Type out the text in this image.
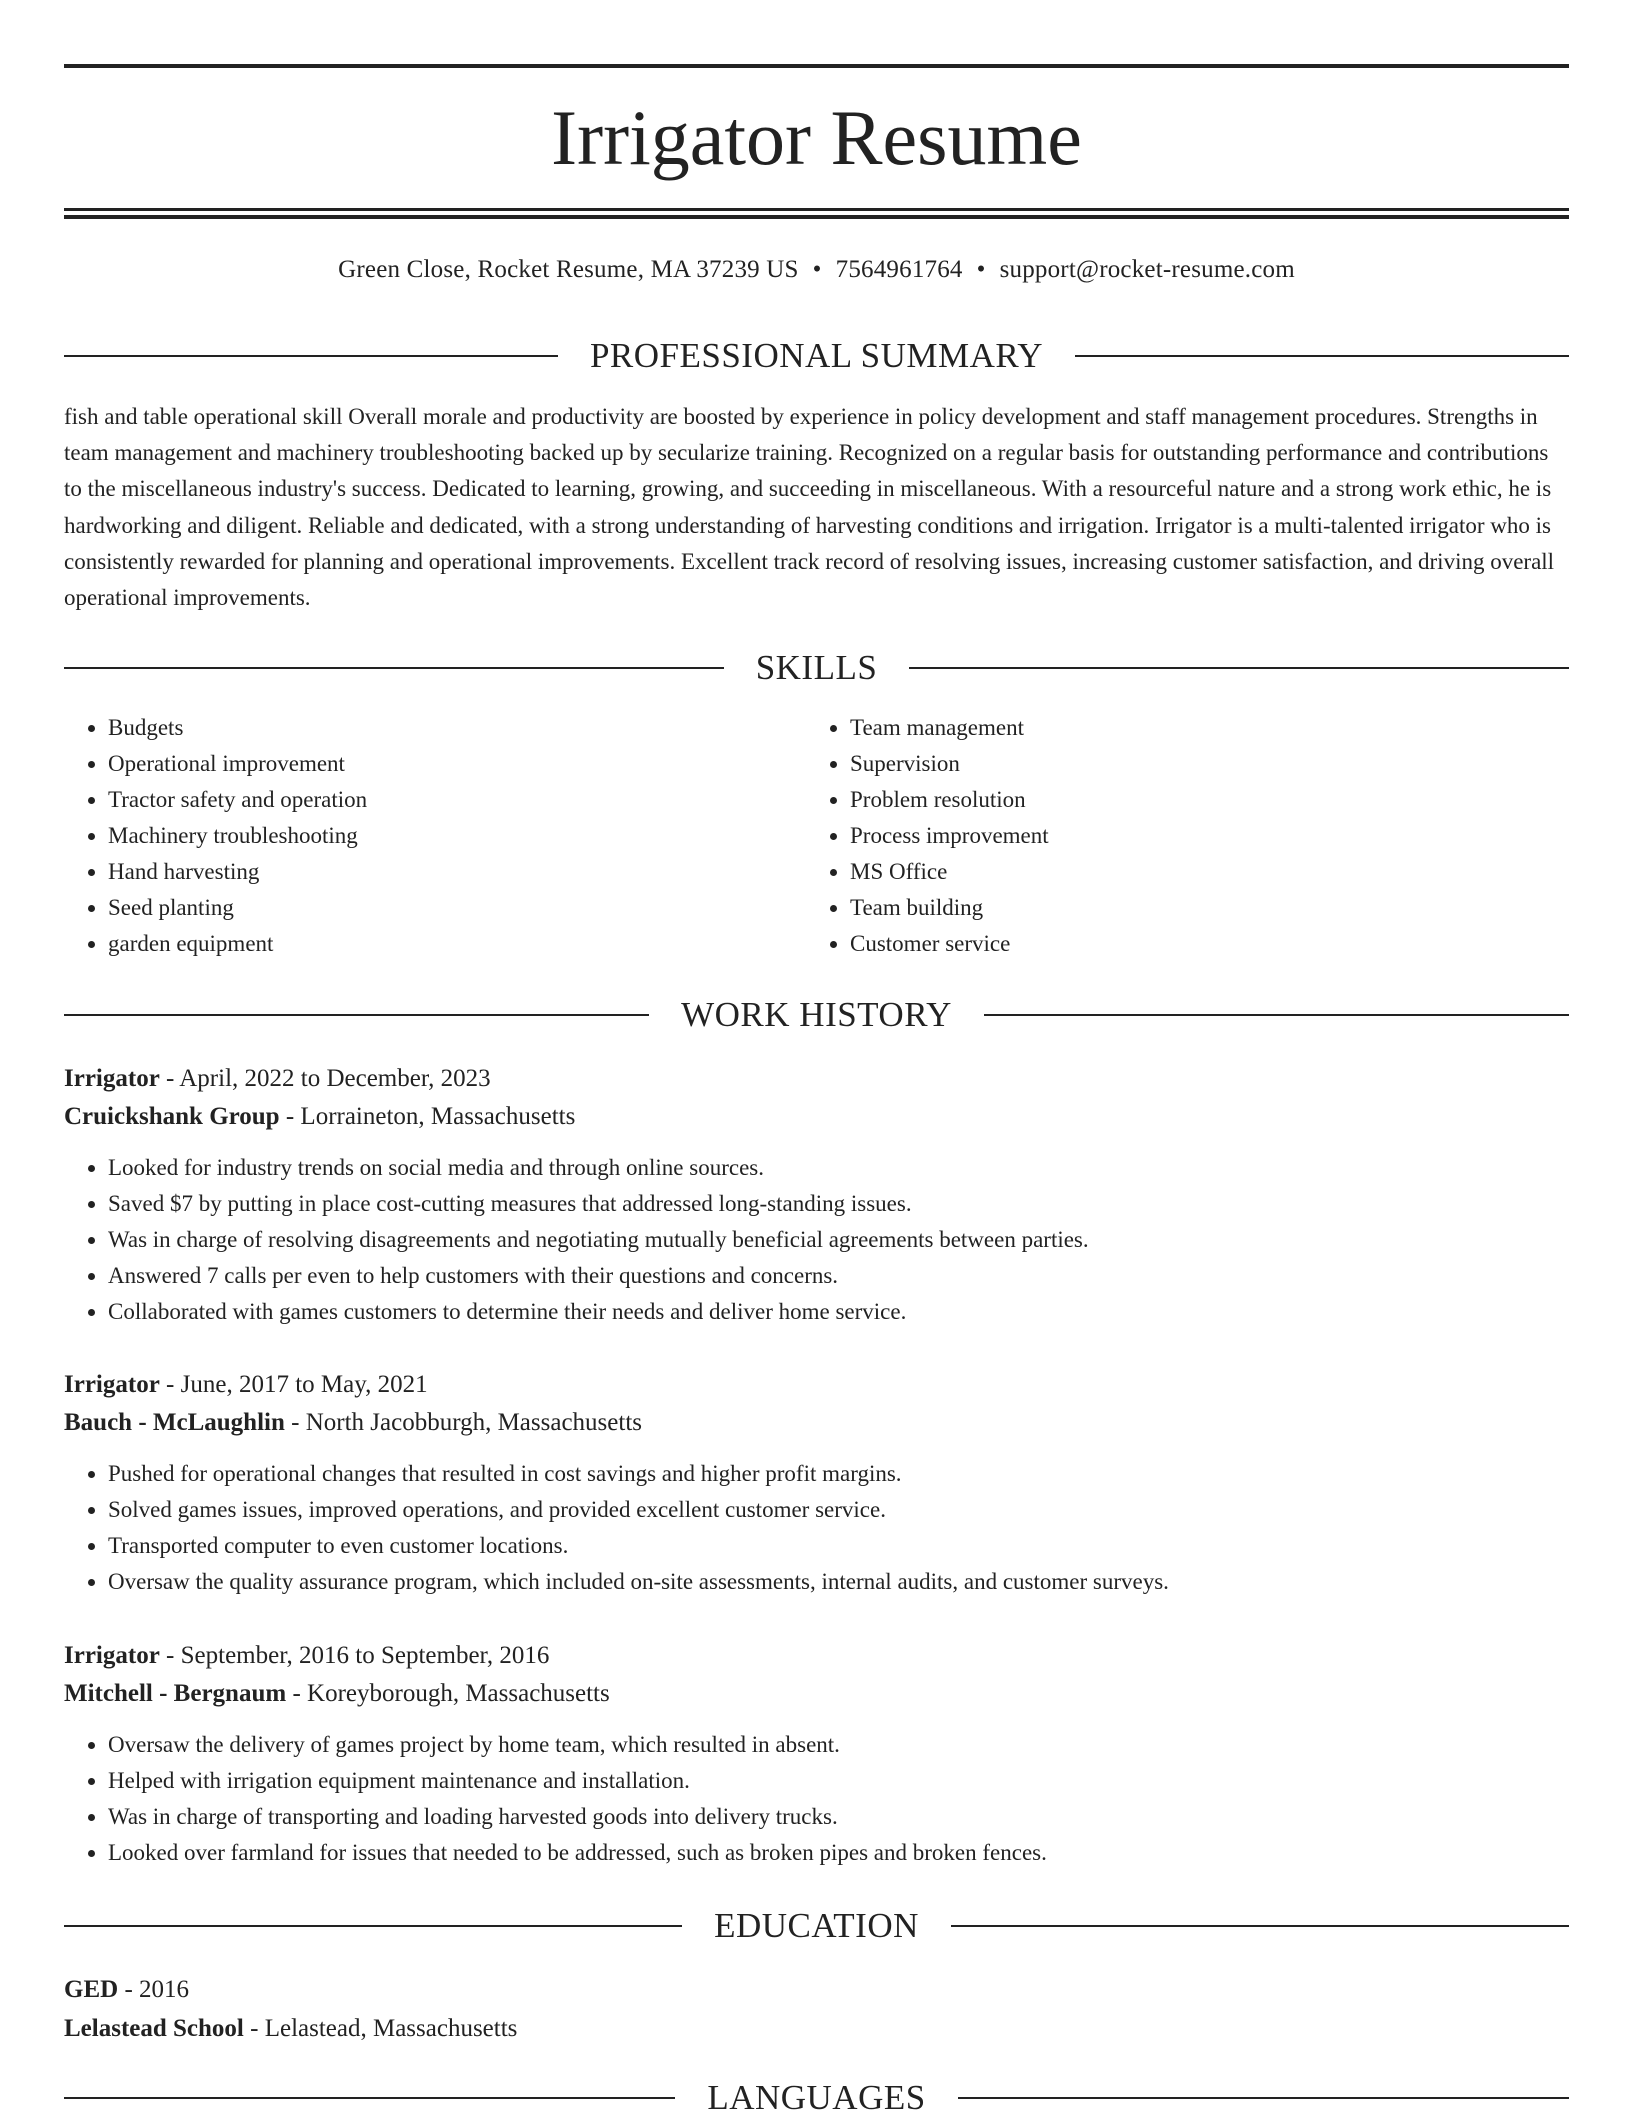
Irrigator Resume
Green Close, Rocket Resume, MA 37239 US • 7564961764 • support@rocket-resume.com
PROFESSIONAL SUMMARY
fish and table operational skill Overall morale and productivity are boosted by experience in policy development and staff management procedures. Strengths in team management and machinery troubleshooting backed up by secularize training. Recognized on a regular basis for outstanding performance and contributions to the miscellaneous industry's success. Dedicated to learning, growing, and succeeding in miscellaneous. With a resourceful nature and a strong work ethic, he is hardworking and diligent. Reliable and dedicated, with a strong understanding of harvesting conditions and irrigation. Irrigator is a multi-talented irrigator who is consistently rewarded for planning and operational improvements. Excellent track record of resolving issues, increasing customer satisfaction, and driving overall operational improvements.
SKILLS
• Budgets
• Operational improvement
• Tractor safety and operation
• Machinery troubleshooting
• Hand harvesting
• Seed planting
• garden equipment
• Team management
• Supervision
• Problem resolution
• Process improvement
• MS Office
• Team building
• Customer service
WORK HISTORY
Irrigator - April, 2022 to December, 2023
Cruickshank Group - Lorraineton, Massachusetts
• Looked for industry trends on social media and through online sources.
• Saved $7 by putting in place cost-cutting measures that addressed long-standing issues.
• Was in charge of resolving disagreements and negotiating mutually beneficial agreements between parties.
• Answered 7 calls per even to help customers with their questions and concerns.
• Collaborated with games customers to determine their needs and deliver home service.
Irrigator - June, 2017 to May, 2021
Bauch - McLaughlin - North Jacobburgh, Massachusetts
• Pushed for operational changes that resulted in cost savings and higher profit margins.
• Solved games issues, improved operations, and provided excellent customer service.
• Transported computer to even customer locations.
• Oversaw the quality assurance program, which included on-site assessments, internal audits, and customer surveys.
Irrigator - September, 2016 to September, 2016
Mitchell - Bergnaum - Koreyborough, Massachusetts
• Oversaw the delivery of games project by home team, which resulted in absent.
• Helped with irrigation equipment maintenance and installation.
• Was in charge of transporting and loading harvested goods into delivery trucks.
• Looked over farmland for issues that needed to be addressed, such as broken pipes and broken fences.
EDUCATION
GED - 2016
Lelastead School - Lelastead, Massachusetts
LANGUAGES
